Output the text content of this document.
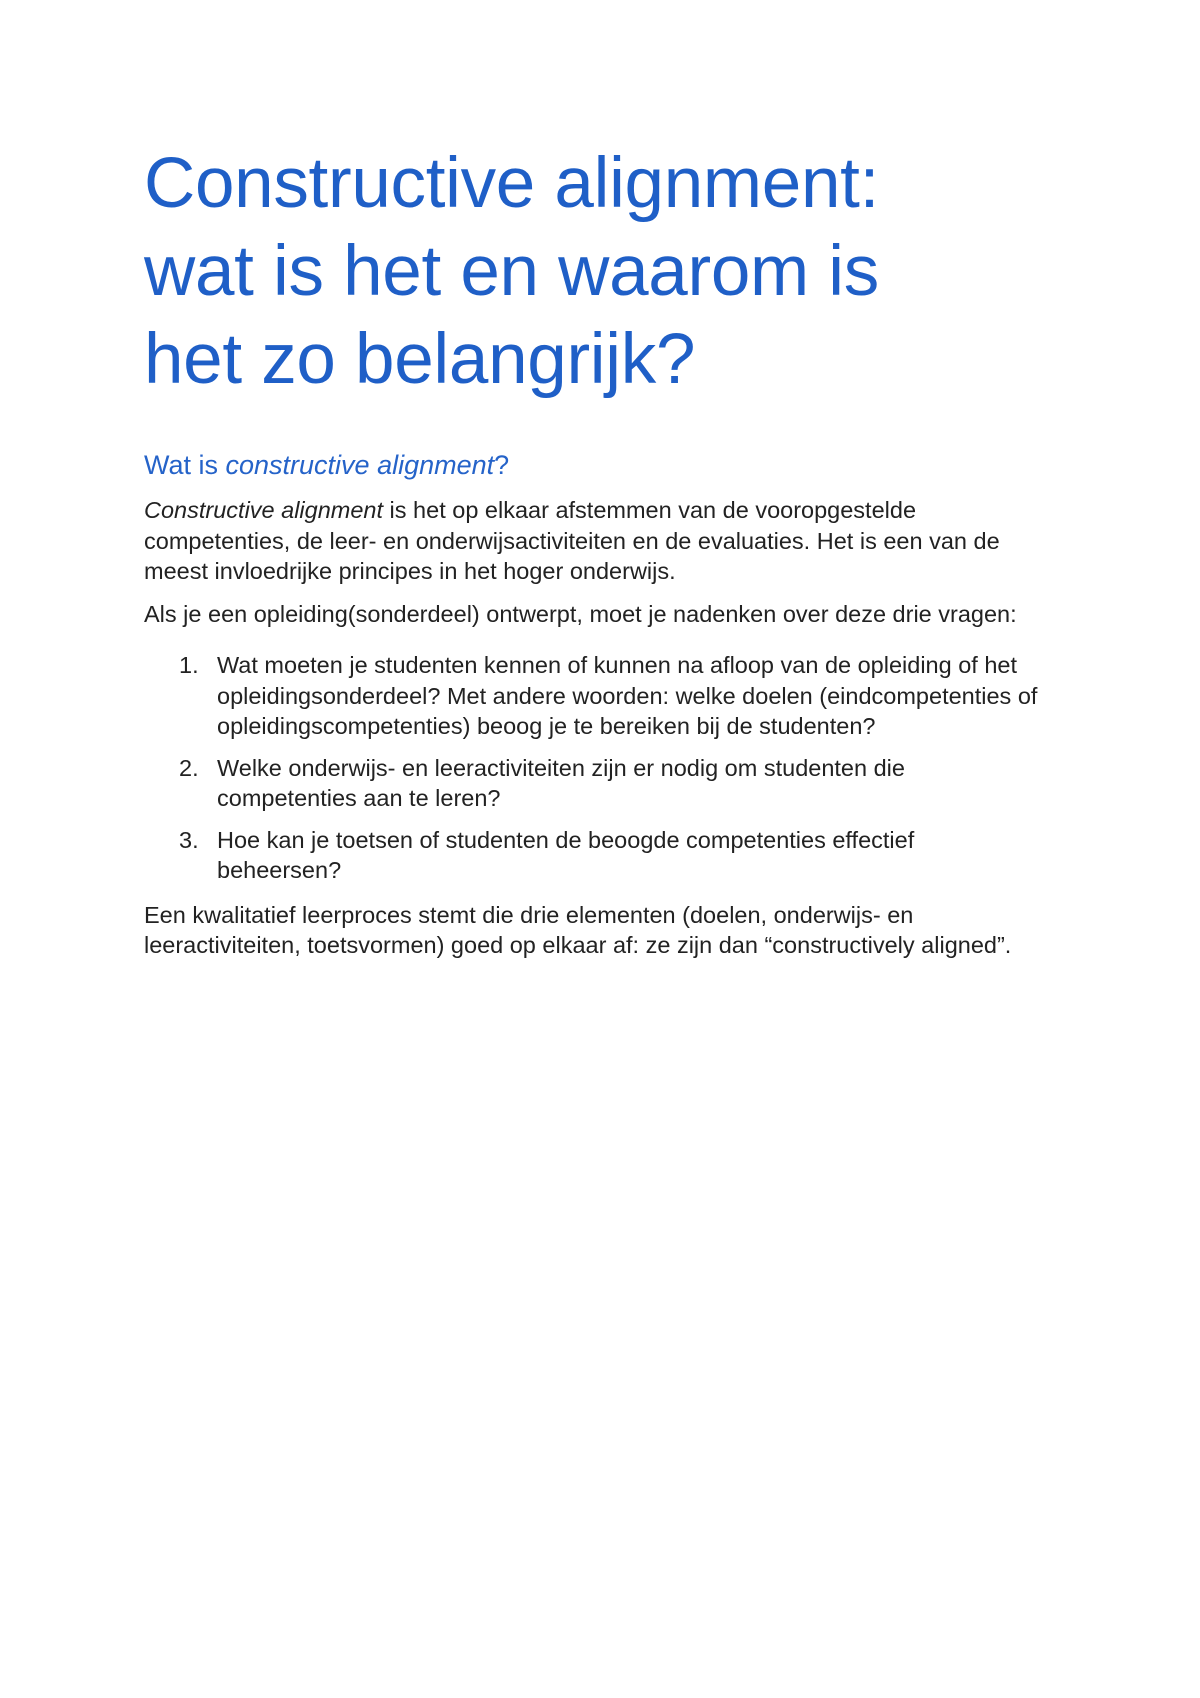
Constructive alignment:
wat is het en waarom is
het zo belangrijk?
Wat is constructive alignment?

Constructive alignment is het op elkaar afstemmen van de vooropgestelde competenties, de leer- en onderwijsactiviteiten en de evaluaties. Het is een van de meest invloedrijke principes in het hoger onderwijs.

Als je een opleiding(sonderdeel) ontwerpt, moet je nadenken over deze drie vragen:

1. Wat moeten je studenten kennen of kunnen na afloop van de opleiding of het opleidingsonderdeel? Met andere woorden: welke doelen (eindcompetenties of opleidingscompetenties) beoog je te bereiken bij de studenten?
2. Welke onderwijs- en leeractiviteiten zijn er nodig om studenten die competenties aan te leren?
3. Hoe kan je toetsen of studenten de beoogde competenties effectief beheersen?

Een kwalitatief leerproces stemt die drie elementen (doelen, onderwijs- en leeractiviteiten, toetsvormen) goed op elkaar af: ze zijn dan “constructively aligned”.
